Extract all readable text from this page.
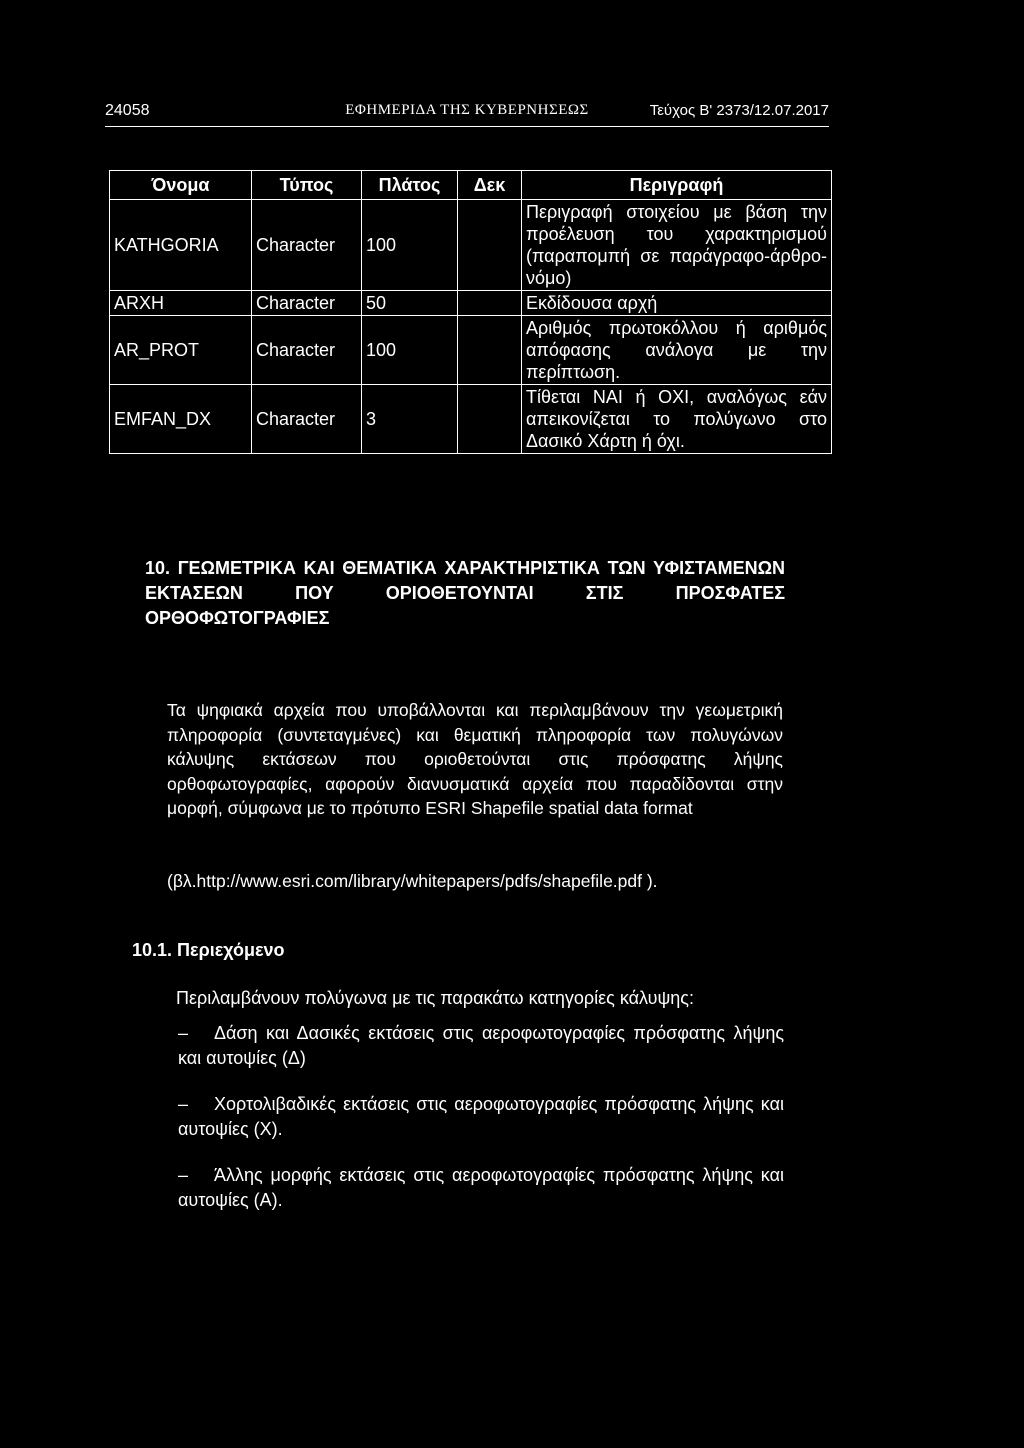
24058	ΕΦΗΜΕΡΙΔΑ ΤΗΣ ΚΥΒΕΡΝΗΣΕΩΣ	Τεύχος Β' 2373/12.07.2017
Όνομα	Τύπος	Πλάτος	Δεκ	Περιγραφή
KATHGORIA	Character	100		Περιγραφή στοιχείου με βάση την προέλευση του χαρακτηρισμού (παραπομπή σε παράγραφο-άρθρο-νόμο)
ARXH	Character	50		Εκδίδουσα αρχή
AR_PROT	Character	100		Αριθμός πρωτοκόλλου ή αριθμός απόφασης ανάλογα με την περίπτωση.
EMFAN_DX	Character	3		Τίθεται ΝΑΙ ή ΟΧΙ, αναλόγως εάν απεικονίζεται το πολύγωνο στο Δασικό Χάρτη ή όχι.
10. ΓΕΩΜΕΤΡΙΚΑ ΚΑΙ ΘΕΜΑΤΙΚΑ ΧΑΡΑΚΤΗΡΙΣΤΙΚΑ ΤΩΝ ΥΦΙΣΤΑΜΕΝΩΝ ΕΚΤΑΣΕΩΝ ΠΟΥ ΟΡΙΟΘΕΤΟΥΝΤΑΙ ΣΤΙΣ ΠΡΟΣΦΑΤΕΣ ΟΡΘΟΦΩΤΟΓΡΑΦΙΕΣ
Τα ψηφιακά αρχεία που υποβάλλονται και περιλαμβάνουν την γεωμετρική πληροφορία (συντεταγμένες) και θεματική πληροφορία των πολυγώνων κάλυψης εκτάσεων που οριοθετούνται στις πρόσφατης λήψης ορθοφωτογραφίες, αφορούν διανυσματικά αρχεία που παραδίδονται στην μορφή, σύμφωνα με το πρότυπο ESRI Shapefile spatial data format
(βλ.http://www.esri.com/library/whitepapers/pdfs/shapefile.pdf ).
10.1. Περιεχόμενο
Περιλαμβάνουν πολύγωνα με τις παρακάτω κατηγορίες κάλυψης:
– Δάση και Δασικές εκτάσεις στις αεροφωτογραφίες πρόσφατης λήψης και αυτοψίες (Δ)
– Χορτολιβαδικές εκτάσεις στις αεροφωτογραφίες πρόσφατης λήψης και αυτοψίες (Χ).
– Άλλης μορφής εκτάσεις στις αεροφωτογραφίες πρόσφατης λήψης και αυτοψίες (Α).
